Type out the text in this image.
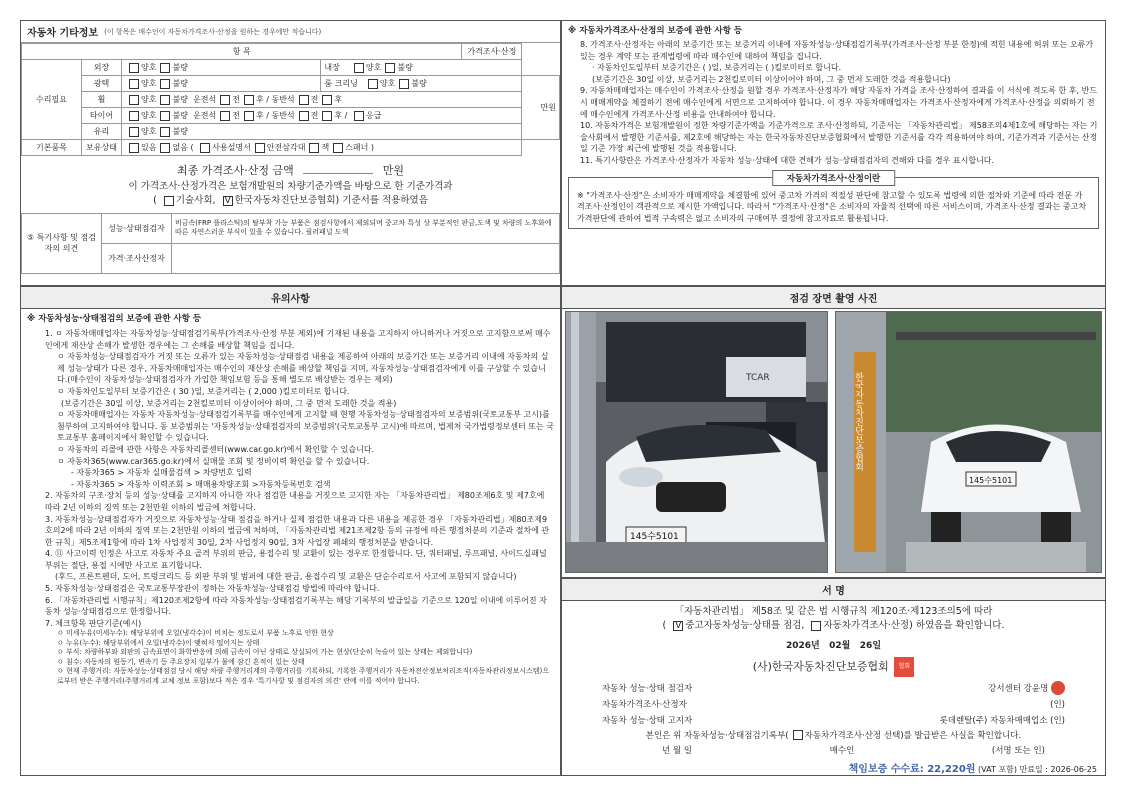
자동차 기타정보 (이 항목은 매수인이 자동차가격조사·산정을 원하는 경우에만 적습니다)
항 목				가격조사·산정	
수리필요	외장	양호 불량	내장 양호 불량		
	광택	양호 불량	룸 크리닝 양호 불량		만원
	휠	양호 불량 운전석 전 후 / 동반석 전 후			
	타이어	양호 불량 운전석 전 후 / 동반석 전 후 / 응급			
	유리	양호 불량			
기본품목	보유상태	있음 없음 ( 사용설명서 안전삼각대 잭 스패너 )			
최종 가격조사·산정 금액	만원
이 가격조사·산정가격은 보험개발원의 차량기준가액을 바탕으로 한 기준가격과
( 기술사회, V한국자동차진단보증협회) 기준서를 적용하였음
⑤ 특기사항 및 점검자의 의견	성능·상태점검자	비금속(FRP 플라스틱)의 탈부착 가능 부품은 점검사항에서 제외되며 중고차 특성 상 부분적인 판금,도색 및 차량의 노후화에 따른 자연스러운 부식이 있을 수 있습니다. 필러패널 도색
	가격·조사산정자	
※ 자동차가격조사·산정의 보증에 관한 사항 등
8. 가격조사·산정자는 아래의 보증기간 또는 보증거리 이내에 자동차성능·상태점검기록부(가격조사·산정 부분 한정)에 적힌 내용에 허위 또는 오류가 있는 경우 계약 또는 관계법령에 따라 매수인에 대하여 책임을 집니다.
· 자동차인도일부터 보증기간은 ( )일, 보증거리는 ( )킬로미터로 합니다.
(보증기간은 30일 이상, 보증거리는 2천킬로미터 이상이어야 하며, 그 중 먼저 도래한 것을 적용합니다)
9. 자동차매매업자는 매수인이 가격조사·산정을 원할 경우 가격조사·산정자가 해당 자동차 가격을 조사·산정하여 결과를 이 서식에 적도록 한 후, 반드시 매매계약을 체결하기 전에 매수인에게 서면으로 고지하여야 합니다. 이 경우 자동차매매업자는 가격조사·산정자에게 가격조사·산정을 의뢰하기 전에 매수인에게 가격조사·산정 비용을 안내하여야 합니다.
10. 자동차가격은 보험개발원이 정한 차량기준가액을 기준가격으로 조사·산정하되, 기준서는 「자동차관리법」 제58조의4제1호에 해당하는 자는 기술사회에서 발행한 기준서를, 제2호에 해당하는 자는 한국자동차진단보증협회에서 발행한 기준서를 각각 적용하여야 하며, 기준가격과 기준서는 산정일 기준 가장 최근에 발행된 것을 적용합니다.
11. 특기사항란은 가격조사·산정자가 자동차 성능·상태에 대한 견해가 성능·상태점검자의 견해와 다를 경우 표시합니다.
자동차가격조사·산정이란
※ "가격조사·산정"은 소비자가 매매계약을 체결함에 있어 중고차 가격의 적절성 판단에 참고할 수 있도록 법령에 의한 절차와 기준에 따라 전문 가격조사·산정인이 객관적으로 제시한 가액입니다. 따라서 "가격조사·산정"은 소비자의 자율적 선택에 따른 서비스이며, 가격조사·산정 결과는 중고차 가격판단에 관하여 법적 구속력은 없고 소비자의 구매여부 결정에 참고자료로 활용됩니다.
유의사항
※ 자동차성능·상태점검의 보증에 관한 사항 등
1. ㅇ 자동차매매업자는 자동차성능·상태점검기록부(가격조사·산정 부분 제외)에 기재된 내용을 고지하지 아니하거나 거짓으로 고지함으로써 매수인에게 재산상 손해가 발생한 경우에는 그 손해를 배상할 책임을 집니다.
ㅇ 자동차성능·상태점검자가 거짓 또는 오류가 있는 자동차성능·상태점검 내용을 제공하여 아래의 보증기간 또는 보증거리 이내에 자동차의 실제 성능·상태가 다른 경우, 자동차매매업자는 매수인의 재산상 손해를 배상할 책임을 지며, 자동차성능·상태점검자에게 이를 구상할 수 있습니다.(매수인이 자동차성능·상태점검자가 가입한 책임보험 등을 통해 별도로 배상받는 경우는 제외)
ㅇ 자동차인도일부터 보증기간은 ( 30 )일, 보증거리는 ( 2,000 )킬로미터로 합니다.
(보증기간은 30일 이상, 보증거리는 2천킬로미터 이상이어야 하며, 그 중 먼저 도래한 것을 적용)
ㅇ 자동차매매업자는 자동차 자동차성능·상태점검기록부를 매수인에게 고지할 때 현행 자동차성능·상태점검자의 보증범위(국토교통부 고시)를 첨부하여 고지하여야 합니다. 동 보증범위는 '자동차성능·상태점검자의 보증범위'(국토교통부 고시)에 따르며, 법제처 국가법령정보센터 또는 국토교통부 홈페이지에서 확인할 수 있습니다.
ㅇ 자동차의 리콜에 관한 사항은 자동차리콜센터(www.car.go.kr)에서 확인할 수 있습니다.
ㅇ 자동차365(www.car365.go.kr)에서 실매물 조회 및 정비이력 확인을 할 수 있습니다.
- 자동차365 > 자동차 실매물검색 > 차량번호 입력
- 자동차365 > 자동차 이력조회 > 매매용차량조회 >자동차등록번호 검색
2. 자동차의 구조·장치 등의 성능·상태를 고지하지 아니한 자나 점검한 내용을 거짓으로 고지한 자는 「자동차관리법」 제80조제6호 및 제7호에 따라 2년 이하의 징역 또는 2천만원 이하의 벌금에 처합니다.
3. 자동차성능·상태점검자가 거짓으로 자동차성능·상태 점검을 하거나 실제 점검한 내용과 다른 내용을 제공한 경우 「자동차관리법」제80조제9호의2에 따라 2년 이하의 징역 또는 2천만원 이하의 벌금에 처하며, 「자동차관리법 제21조제2항 등의 규정에 따른 행정처분의 기준과 절차에 관한 규칙」제5조제1항에 따라 1차 사업정지 30일, 2차 사업정지 90일, 3차 사업장 폐쇄의 행정처분을 받습니다.
4. ⑪ 사고이력 인정은 사고로 자동차 주요 골격 부위의 판금, 용접수리 및 교환이 있는 경우로 한정합니다. 단, 쿼터패널, 루프패널, 사이드실패널 부위는 절단, 용접 시에만 사고로 표기합니다.
(후드, 프론트펜더, 도어, 트렁크리드 등 외판 부위 및 범퍼에 대한 판금, 용접수리 및 교환은 단순수리로서 사고에 포함되지 않습니다)
5. 자동차성능·상태점검은 국토교통부장관이 정하는 자동차성능·상태점검 방법에 따라야 합니다.
6. 「자동차관리법 시행규칙」제120조제2항에 따라 자동차성능·상태점검기록부는 해당 기록부의 발급일을 기준으로 120일 이내에 이루어진 자동차 성능·상태점검으로 한정합니다.
7. 체크항목 판단기준(예시)
ㅇ 미세누유(미세누수): 해당부위에 오일(냉각수)이 비치는 정도로서 부품 노후로 인한 현상
ㅇ 누유(누수): 해당부위에서 오일(냉각수)이 맺혀서 떨어지는 상태
ㅇ 부식: 차량하부와 외판의 금속표면이 화학반응에 의해 금속이 아닌 상태로 상실되어 가는 현상(단순히 녹슬어 있는 상태는 제외합니다)
ㅇ 침수: 자동차의 원동기, 변속기 등 주요장치 일부가 물에 잠긴 흔적이 있는 상태
ㅇ 현재 주행거리: 자동차성능·상태점검 당시 해당 차량 주행거리계의 주행거리를 기록하되, 기록한 주행거리가 자동차전산정보처리조직(자동차관리정보시스템)으로부터 받은 주행거리(주행거리계 교체 정보 포함)보다 적은 경우 '특기사항 및 점검자의 의견' 란에 이를 적어야 합니다.
점검 장면 촬영 사진
TCAR
145수5101
한국자동차진단보증협회
145수5101
서 명
「자동차관리법」 제58조 및 같은 법 시행규칙 제120조·제123조의5에 따라
( V중고자동차성능·상태를 점검, 자동차가격조사·산정) 하였음을 확인합니다.
2026년 02월 26일
(사)한국자동차진단보증협회 협회
자동차 성능·상태 점검자	강서센터 강윤명
자동차가격조사·산정자	(인)
자동차 성능·상태 고지자	롯데렌탈(주) 자동차매매업소 (인)
본인은 위 자동차성능·상태점검기록부( 자동차가격조사·산정 선택)를 발급받은 사실을 확인합니다.
년 월 일	매수인	(서명 또는 인)
책임보증 수수료: 22,220원 (VAT 포함) 만료일 : 2026-06-25
